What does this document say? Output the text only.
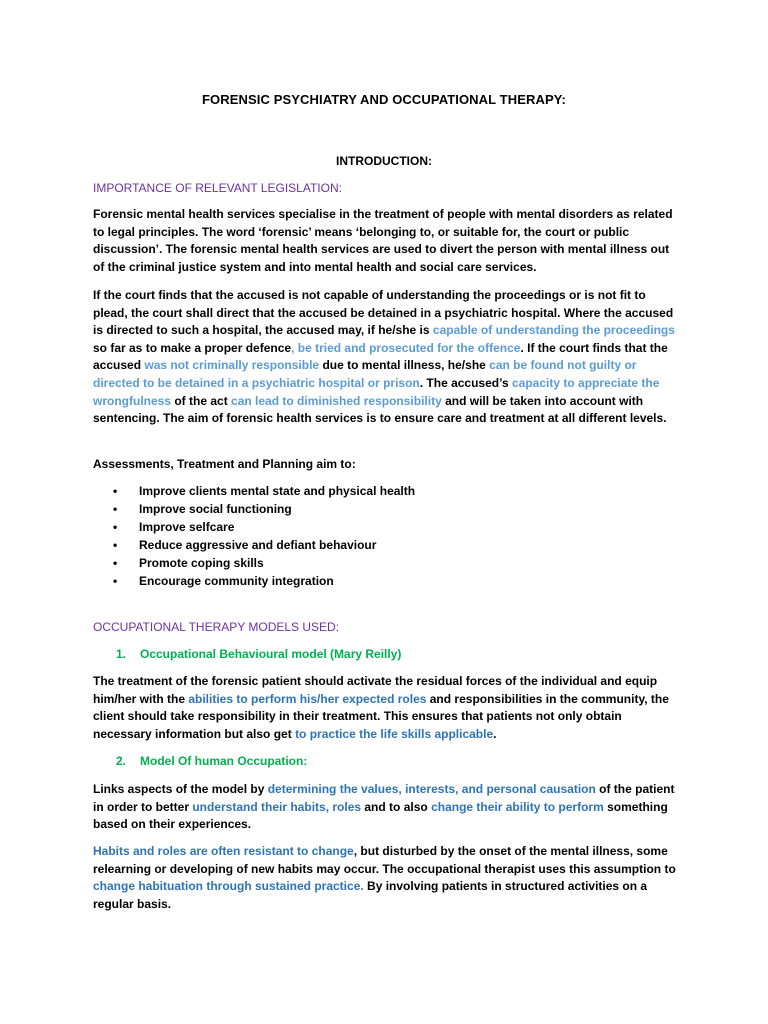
FORENSIC PSYCHIATRY AND OCCUPATIONAL THERAPY:
INTRODUCTION:
IMPORTANCE OF RELEVANT LEGISLATION:
Forensic mental health services specialise in the treatment of people with mental disorders as related to legal principles. The word ‘forensic’ means ‘belonging to, or suitable for, the court or public discussion’. The forensic mental health services are used to divert the person with mental illness out of the criminal justice system and into mental health and social care services.
If the court finds that the accused is not capable of understanding the proceedings or is not fit to plead, the court shall direct that the accused be detained in a psychiatric hospital. Where the accused is directed to such a hospital, the accused may, if he/she is capable of understanding the proceedings so far as to make a proper defence, be tried and prosecuted for the offence. If the court finds that the accused was not criminally responsible due to mental illness, he/she can be found not guilty or directed to be detained in a psychiatric hospital or prison. The accused’s capacity to appreciate the wrongfulness of the act can lead to diminished responsibility and will be taken into account with sentencing. The aim of forensic health services is to ensure care and treatment at all different levels.
Assessments, Treatment and Planning aim to:
• Improve clients mental state and physical health
• Improve social functioning
• Improve selfcare
• Reduce aggressive and defiant behaviour
• Promote coping skills
• Encourage community integration
OCCUPATIONAL THERAPY MODELS USED:
1. Occupational Behavioural model (Mary Reilly)
The treatment of the forensic patient should activate the residual forces of the individual and equip him/her with the abilities to perform his/her expected roles and responsibilities in the community, the client should take responsibility in their treatment. This ensures that patients not only obtain necessary information but also get to practice the life skills applicable.
2. Model Of human Occupation:
Links aspects of the model by determining the values, interests, and personal causation of the patient in order to better understand their habits, roles and to also change their ability to perform something based on their experiences.
Habits and roles are often resistant to change, but disturbed by the onset of the mental illness, some relearning or developing of new habits may occur. The occupational therapist uses this assumption to change habituation through sustained practice. By involving patients in structured activities on a regular basis.
